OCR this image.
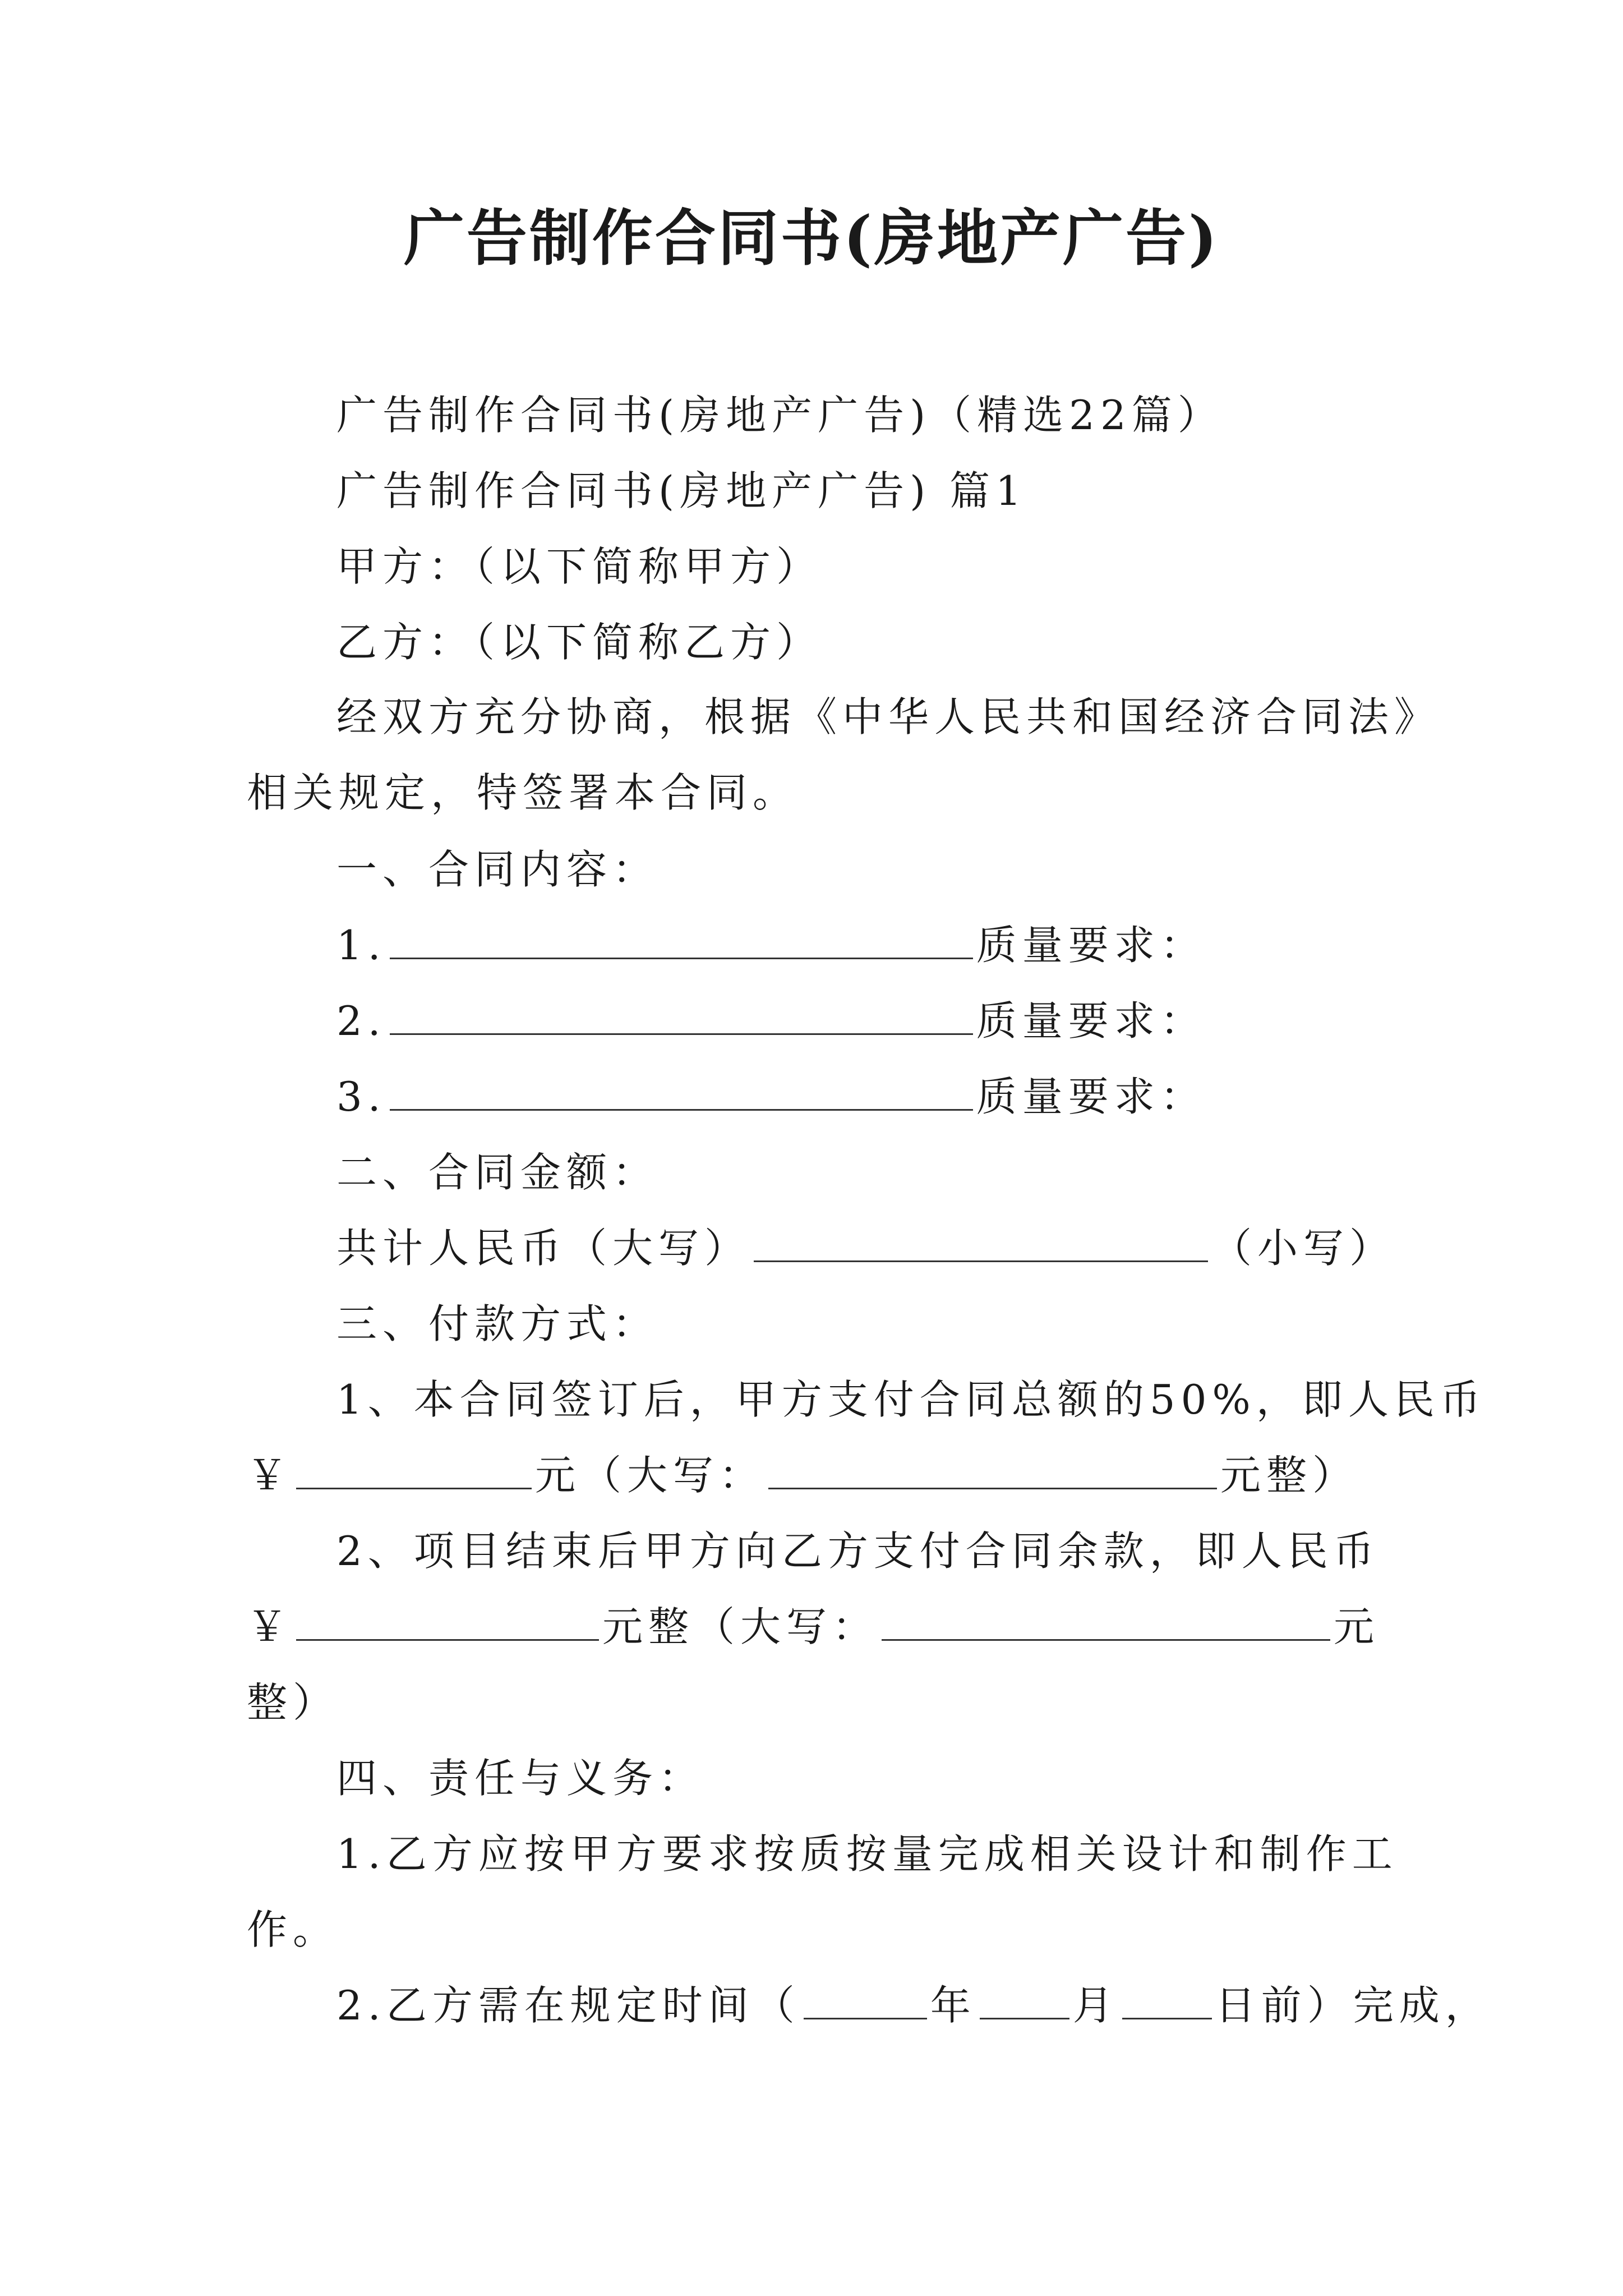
广告制作合同书(房地产广告)
广告制作合同书(房地产广告)（精选22篇）
广告制作合同书(房地产广告) 篇1
甲方：（以下简称甲方）
乙方：（以下简称乙方）
经双方充分协商，根据《中华人民共和国经济合同法》
相关规定，特签署本合同。
一、合同内容：
1.	质量要求：
2.	质量要求：
3.	质量要求：
二、合同金额：
共计人民币（大写）	（小写）
三、付款方式：
1、本合同签订后，甲方支付合同总额的50%，即人民币
￥	元（大写：	元整）
2、项目结束后甲方向乙方支付合同余款，即人民币
￥	元整（大写：	元
整）
四、责任与义务：
1.乙方应按甲方要求按质按量完成相关设计和制作工
作。
2.乙方需在规定时间（	年 月 日前）完成，
